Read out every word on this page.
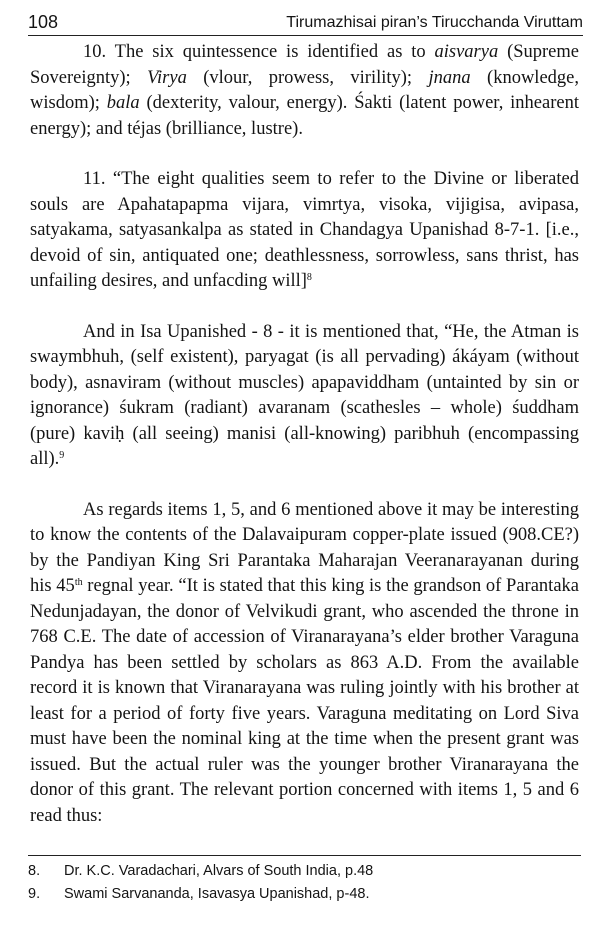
108	Tirumazhisai piran’s Tirucchanda Viruttam

10. The six quintessence is identified as to aisvarya (Supreme Sovereignty); Virya (vlour, prowess, virility); jnana (knowledge, wisdom); bala (dexterity, valour, energy). Śakti (latent power, inhearent energy); and téjas (brilliance, lustre).

11. “The eight qualities seem to refer to the Divine or liberated souls are Apahatapapma vijara, vimrtya, visoka, vijigisa, avipasa, satyakama, satyasankalpa as stated in Chandagya Upanishad 8-7-1. [i.e., devoid of sin, antiquated one; deathlessness, sorrowless, sans thrist, has unfailing desires, and unfacding will]$^8$

And in Isa Upanished - 8 - it is mentioned that, “He, the Atman is swaymbhuh, (self existent), paryagat (is all pervading) ákáyam (without body), asnaviram (without muscles) apapaviddham (untainted by sin or ignorance) śukram (radiant) avaranam (scathesles – whole) śuddham (pure) kaviḥ (all seeing) manisi (all-knowing) paribhuh (encompassing all).$^9$

As regards items 1, 5, and 6 mentioned above it may be interesting to know the contents of the Dalavaipuram copper-plate issued (908.CE?) by the Pandiyan King Sri Parantaka Maharajan Veeranarayanan during his 45th regnal year. “It is stated that this king is the grandson of Parantaka Nedunjadayan, the donor of Velvikudi grant, who ascended the throne in 768 C.E. The date of accession of Viranarayana’s elder brother Varaguna Pandya has been settled by scholars as 863 A.D. From the available record it is known that Viranarayana was ruling jointly with his brother at least for a period of forty five years. Varaguna meditating on Lord Siva must have been the nominal king at the time when the present grant was issued. But the actual ruler was the younger brother Viranarayana the donor of this grant. The relevant portion concerned with items 1, 5 and 6 read thus:

8.	Dr. K.C. Varadachari, Alvars of South India, p.48
9.	Swami Sarvananda, Isavasya Upanishad, p-48.
